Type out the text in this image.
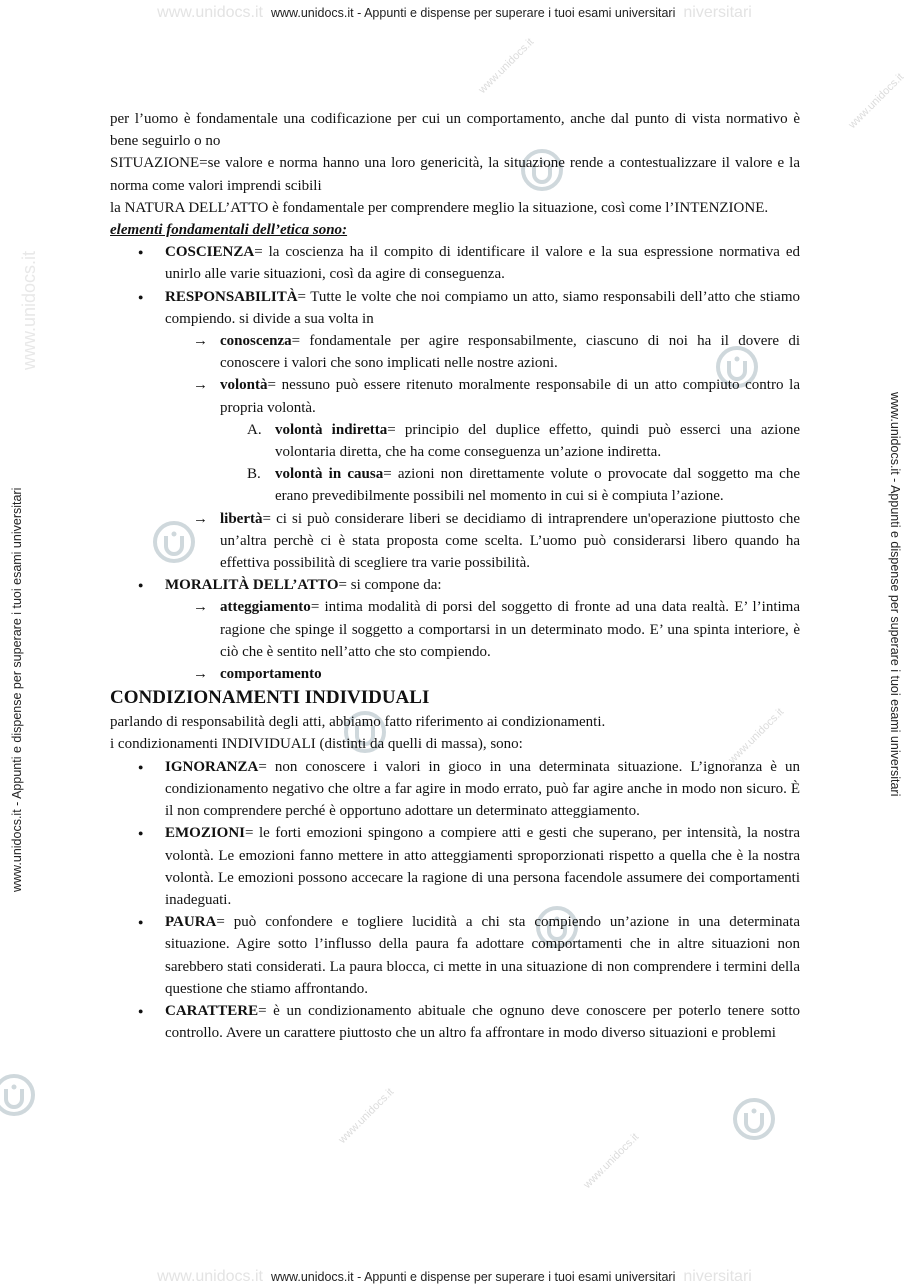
www.unidocs.it www.unidocs.it - Appunti e dispense per superare i tuoi esami universitari niversitari
www.unidocs.it www.unidocs.it - Appunti e dispense per superare i tuoi esami universitari niversitari
www.unidocs.it - Appunti e dispense per superare i tuoi esami universitari	www.unidocs.it - Appunti e dispense per superare i tuoi esami universitari
www.unidocs.it
www.unidocs.it
www.unidocs.it
www.unidocs.it
www.unidocs.it
www.unidocs.it

per l’uomo è fondamentale una codificazione per cui un comportamento, anche dal punto di vista normativo è bene seguirlo o no

SITUAZIONE=se valore e norma hanno una loro genericità, la situazione rende a contestualizzare il valore e la norma come valori imprendi scibili

la NATURA DELL’ATTO è fondamentale per comprendere meglio la situazione, così come l’INTENZIONE.

elementi fondamentali dell’etica sono:

● COSCIENZA= la coscienza ha il compito di identificare il valore e la sua espressione normativa ed unirlo alle varie situazioni, così da agire di conseguenza.
● RESPONSABILITÀ= Tutte le volte che noi compiamo un atto, siamo responsabili dell’atto che stiamo compiendo. si divide a sua volta in
→ conoscenza= fondamentale per agire responsabilmente, ciascuno di noi ha il dovere di conoscere i valori che sono implicati nelle nostre azioni.
→ volontà= nessuno può essere ritenuto moralmente responsabile di un atto compiuto contro la propria volontà.
A. volontà indiretta= principio del duplice effetto, quindi può esserci una azione volontaria diretta, che ha come conseguenza un’azione indiretta.
B. volontà in causa= azioni non direttamente volute o provocate dal soggetto ma che erano prevedibilmente possibili nel momento in cui si è compiuta l’azione.
→ libertà= ci si può considerare liberi se decidiamo di intraprendere un'operazione piuttosto che un’altra perchè ci è stata proposta come scelta. L’uomo può considerarsi libero quando ha effettiva possibilità di scegliere tra varie possibilità.
● MORALITÀ DELL’ATTO= si compone da:
→ atteggiamento= intima modalità di porsi del soggetto di fronte ad una data realtà. E’ l’intima ragione che spinge il soggetto a comportarsi in un determinato modo. E’ una spinta interiore, è ciò che è sentito nell’atto che sto compiendo.
→ comportamento

CONDIZIONAMENTI INDIVIDUALI

parlando di responsabilità degli atti, abbiamo fatto riferimento ai condizionamenti.

i condizionamenti INDIVIDUALI (distinti da quelli di massa), sono:

● IGNORANZA= non conoscere i valori in gioco in una determinata situazione. L’ignoranza è un condizionamento negativo che oltre a far agire in modo errato, può far agire anche in modo non sicuro. È il non comprendere perché è opportuno adottare un determinato atteggiamento.
● EMOZIONI= le forti emozioni spingono a compiere atti e gesti che superano, per intensità, la nostra volontà. Le emozioni fanno mettere in atto atteggiamenti sproporzionati rispetto a quella che è la nostra volontà. Le emozioni possono accecare la ragione di una persona facendole assumere dei comportamenti inadeguati.
● PAURA= può confondere e togliere lucidità a chi sta compiendo un’azione in una determinata situazione. Agire sotto l’influsso della paura fa adottare comportamenti che in altre situazioni non sarebbero stati considerati. La paura blocca, ci mette in una situazione di non comprendere i termini della questione che stiamo affrontando.
● CARATTERE= è un condizionamento abituale che ognuno deve conoscere per poterlo tenere sotto controllo. Avere un carattere piuttosto che un altro fa affrontare in modo diverso situazioni e problemi
